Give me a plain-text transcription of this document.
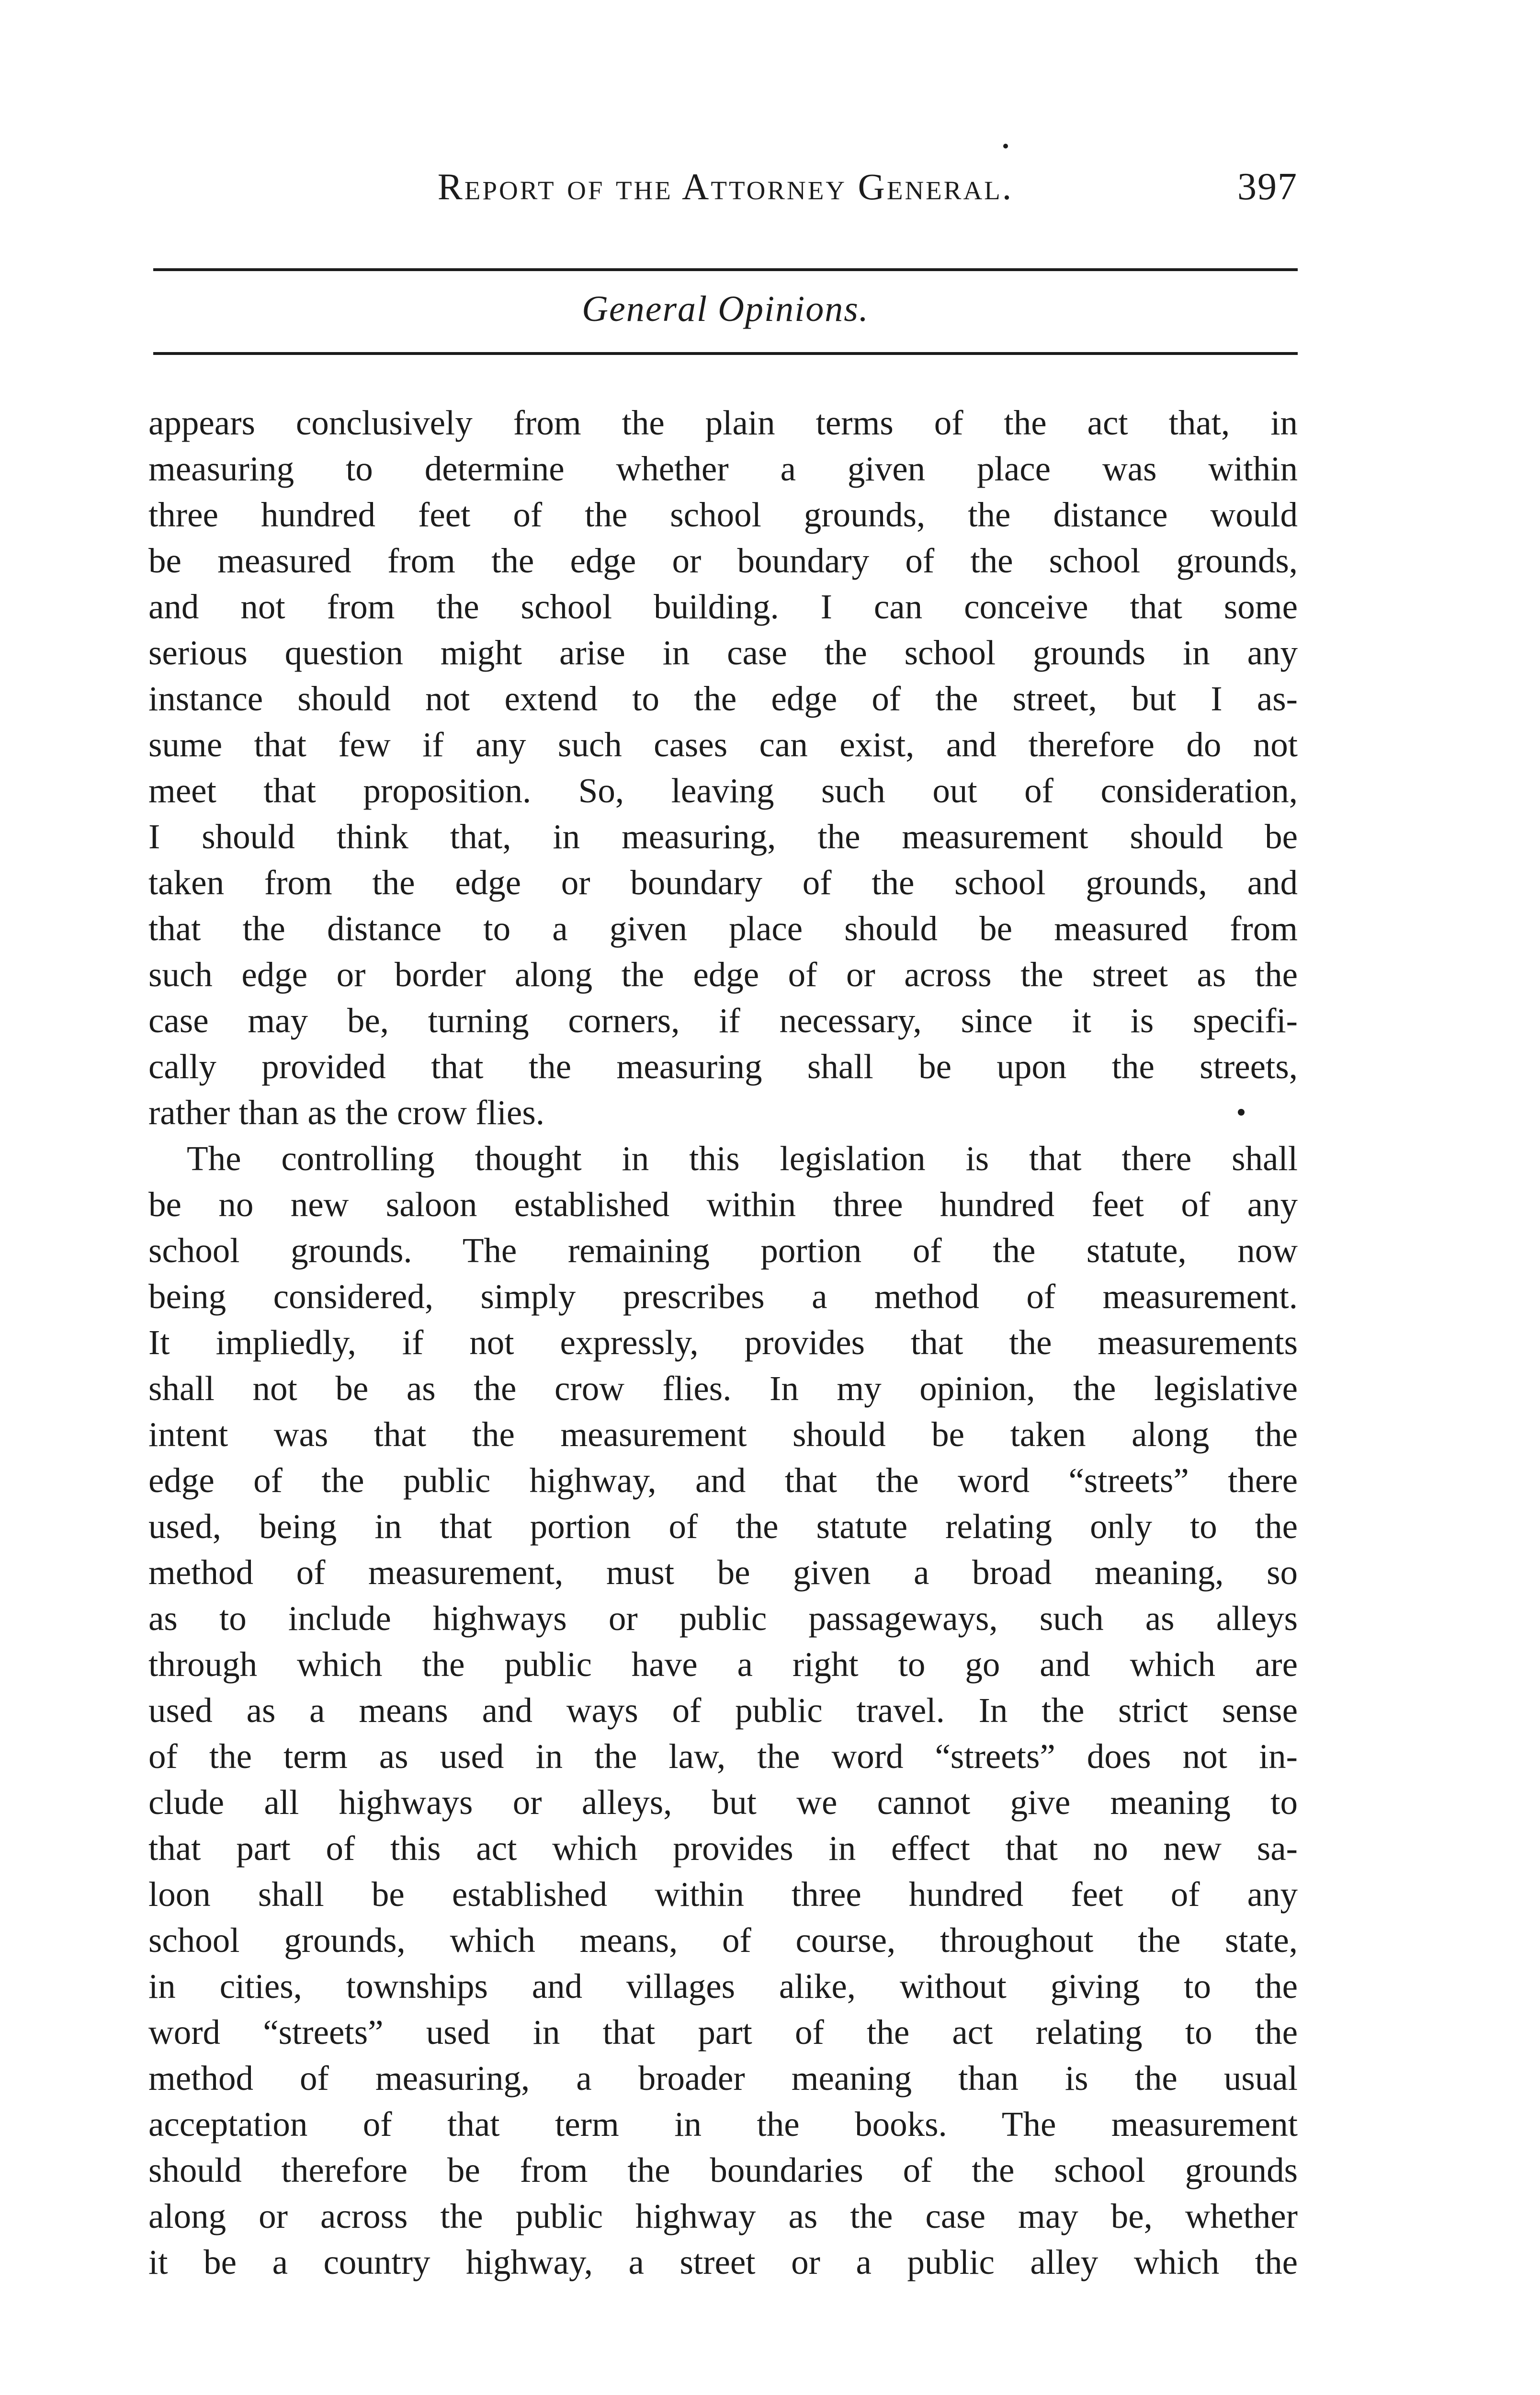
Report of the Attorney General.	397
General Opinions.
appears conclusively from the plain terms of the act that, in
measuring to determine whether a given place was within
three hundred feet of the school grounds, the distance would
be measured from the edge or boundary of the school grounds,
and not from the school building. I can conceive that some
serious question might arise in case the school grounds in any
instance should not extend to the edge of the street, but I as-
sume that few if any such cases can exist, and therefore do not
meet that proposition. So, leaving such out of consideration,
I should think that, in measuring, the measurement should be
taken from the edge or boundary of the school grounds, and
that the distance to a given place should be measured from
such edge or border along the edge of or across the street as the
case may be, turning corners, if necessary, since it is specifi-
cally provided that the measuring shall be upon the streets,
rather than as the crow flies.
The controlling thought in this legislation is that there shall
be no new saloon established within three hundred feet of any
school grounds. The remaining portion of the statute, now
being considered, simply prescribes a method of measurement.
It impliedly, if not expressly, provides that the measurements
shall not be as the crow flies. In my opinion, the legislative
intent was that the measurement should be taken along the
edge of the public highway, and that the word “streets” there
used, being in that portion of the statute relating only to the
method of measurement, must be given a broad meaning, so
as to include highways or public passageways, such as alleys
through which the public have a right to go and which are
used as a means and ways of public travel. In the strict sense
of the term as used in the law, the word “streets” does not in-
clude all highways or alleys, but we cannot give meaning to
that part of this act which provides in effect that no new sa-
loon shall be established within three hundred feet of any
school grounds, which means, of course, throughout the state,
in cities, townships and villages alike, without giving to the
word “streets” used in that part of the act relating to the
method of measuring, a broader meaning than is the usual
acceptation of that term in the books. The measurement
should therefore be from the boundaries of the school grounds
along or across the public highway as the case may be, whether
it be a country highway, a street or a public alley which the
